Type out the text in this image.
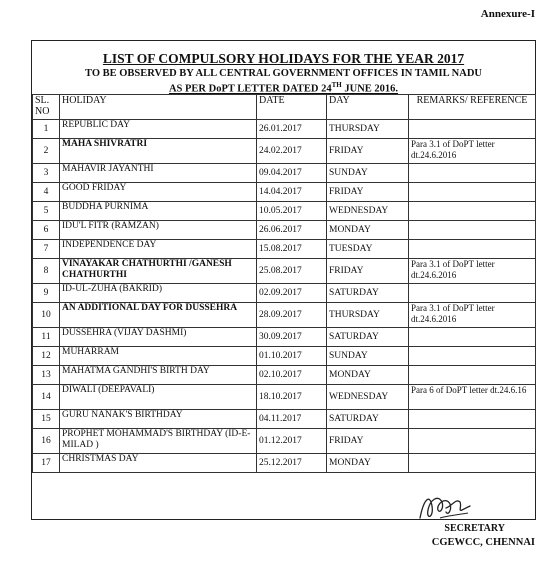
Annexure-I
LIST OF COMPULSORY HOLIDAYS FOR THE YEAR 2017
TO BE OBSERVED BY ALL CENTRAL GOVERNMENT OFFICES IN TAMIL NADU
AS PER DoPT LETTER DATED 24TH JUNE 2016.
SL. NO	HOLIDAY	DATE	DAY	REMARKS/ REFERENCE
1	REPUBLIC DAY	26.01.2017	THURSDAY	
2	MAHA SHIVRATRI	24.02.2017	FRIDAY	Para 3.1 of DoPT letter dt.24.6.2016
3	MAHAVIR JAYANTHI	09.04.2017	SUNDAY	
4	GOOD FRIDAY	14.04.2017	FRIDAY	
5	BUDDHA PURNIMA	10.05.2017	WEDNESDAY	
6	IDU'L FITR (RAMZAN)	26.06.2017	MONDAY	
7	INDEPENDENCE DAY	15.08.2017	TUESDAY	
8	VINAYAKAR CHATHURTHI /GANESH CHATHURTHI	25.08.2017	FRIDAY	Para 3.1 of DoPT letter dt.24.6.2016
9	ID-UL-ZUHA (BAKRID)	02.09.2017	SATURDAY	
10	AN ADDITIONAL DAY FOR DUSSEHRA	28.09.2017	THURSDAY	Para 3.1 of DoPT letter dt.24.6.2016
11	DUSSEHRA (VIJAY DASHMI)	30.09.2017	SATURDAY	
12	MUHARRAM	01.10.2017	SUNDAY	
13	MAHATMA GANDHI'S BIRTH DAY	02.10.2017	MONDAY	
14	DIWALI (DEEPAVALI)	18.10.2017	WEDNESDAY	Para 6 of DoPT letter dt.24.6.16
15	GURU NANAK'S BIRTHDAY	04.11.2017	SATURDAY	
16	PROPHET MOHAMMAD'S BIRTHDAY (ID-E-MILAD )	01.12.2017	FRIDAY	
17	CHRISTMAS DAY	25.12.2017	MONDAY	
SECRETARY
CGEWCC, CHENNAI
